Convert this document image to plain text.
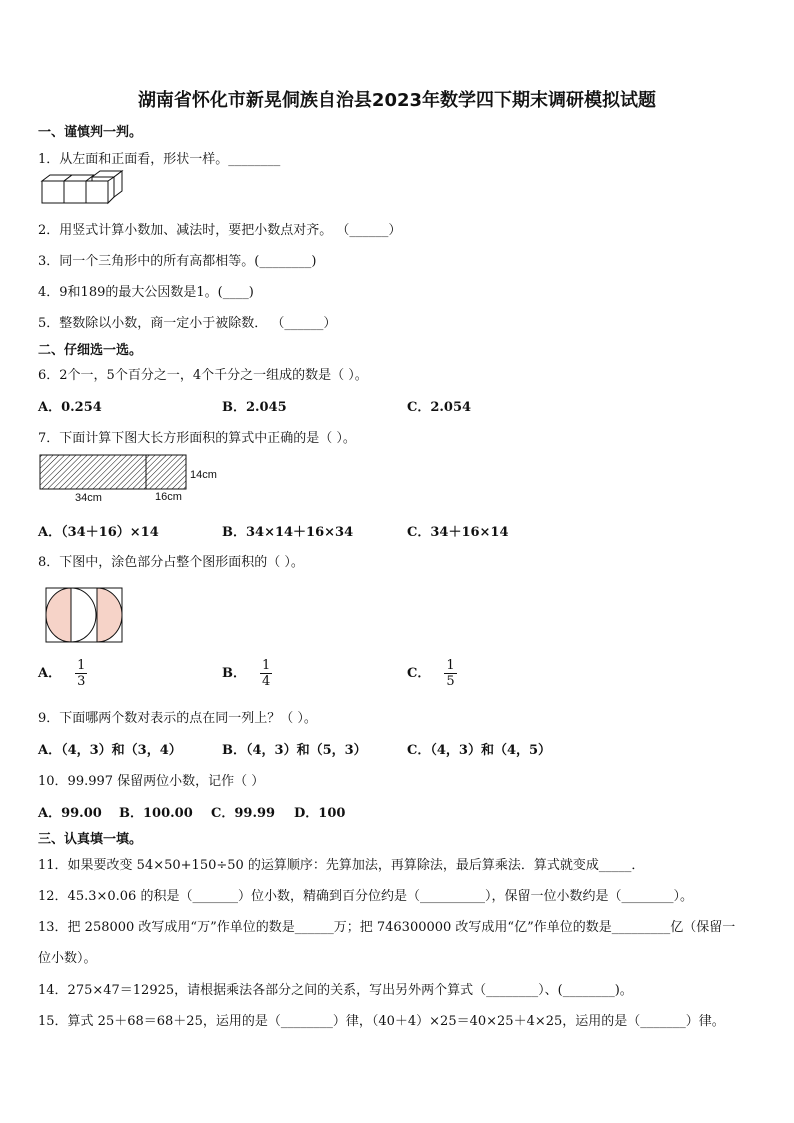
湖南省怀化市新晃侗族自治县2023年数学四下期末调研模拟试题
一、谨慎判一判。
1．从左面和正面看，形状一样。________
2．用竖式计算小数加、减法时，要把小数点对齐。 （______）
3．同一个三角形中的所有高都相等。(________)
4．9和189的最大公因数是1。(____)
5．整数除以小数，商一定小于被除数． （______）
二、仔细选一选。
6．2个一，5个百分之一，4个千分之一组成的数是（ ）。
A．0.254	B．2.045	C．2.054
7．下面计算下图大长方形面积的算式中正确的是（ ）。
14cm
34cm	16cm
A．（34＋16）×14	B．34×14＋16×34	C．34＋16×14
8．下图中，涂色部分占整个图形面积的（ ）。
A． $\frac{1}{3}$	B． $\frac{1}{4}$	C． $\frac{1}{5}$
9．下面哪两个数对表示的点在同一列上？（ ）。
A．（4，3）和（3，4）	B．（4，3）和（5，3）	C．（4，3）和（4，5）
10．99.997 保留两位小数，记作（ ）
A．99.00 B．100.00 C．99.99 D．100
三、认真填一填。
11．如果要改变 54×50+150÷50 的运算顺序：先算加法，再算除法，最后算乘法．算式就变成_____．
12．45.3×0.06 的积是（_______）位小数，精确到百分位约是（__________），保留一位小数约是（________）。
13．把 258000 改写成用“万”作单位的数是______万；把 746300000 改写成用“亿”作单位的数是_________亿（保留一
位小数）。
14．275×47＝12925，请根据乘法各部分之间的关系，写出另外两个算式（________）、(________)。
15．算式 25＋68＝68＋25，运用的是（________）律，（40＋4）×25＝40×25＋4×25，运用的是（_______）律。
